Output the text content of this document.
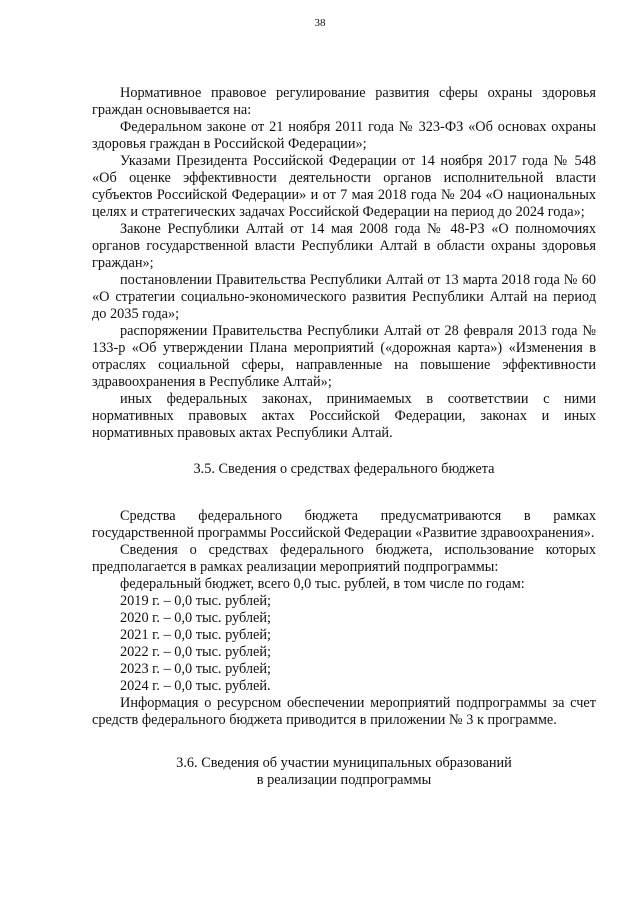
38

Нормативное правовое регулирование развития сферы охраны здоровья граждан основывается на:

Федеральном законе от 21 ноября 2011 года № 323-ФЗ «Об основах охраны здоровья граждан в Российской Федерации»;

Указами Президента Российской Федерации от 14 ноября 2017 года № 548 «Об оценке эффективности деятельности органов исполнительной власти субъектов Российской Федерации» и от 7 мая 2018 года № 204 «О национальных целях и стратегических задачах Российской Федерации на период до 2024 года»;

Законе Республики Алтай от 14 мая 2008 года № 48-РЗ «О полномочиях органов государственной власти Республики Алтай в области охраны здоровья граждан»;

постановлении Правительства Республики Алтай от 13 марта 2018 года № 60 «О стратегии социально-экономического развития Республики Алтай на период до 2035 года»;

распоряжении Правительства Республики Алтай от 28 февраля 2013 года № 133-р «Об утверждении Плана мероприятий («дорожная карта») «Изменения в отраслях социальной сферы, направленные на повышение эффективности здравоохранения в Республике Алтай»;

иных федеральных законах, принимаемых в соответствии с ними нормативных правовых актах Российской Федерации, законах и иных нормативных правовых актах Республики Алтай.

3.5. Сведения о средствах федерального бюджета

Средства федерального бюджета предусматриваются в рамках государственной программы Российской Федерации «Развитие здравоохранения».

Сведения о средствах федерального бюджета, использование которых предполагается в рамках реализации мероприятий подпрограммы:

федеральный бюджет, всего 0,0 тыс. рублей, в том числе по годам:

2019 г. – 0,0 тыс. рублей;

2020 г. – 0,0 тыс. рублей;

2021 г. – 0,0 тыс. рублей;

2022 г. – 0,0 тыс. рублей;

2023 г. – 0,0 тыс. рублей;

2024 г. – 0,0 тыс. рублей.

Информация о ресурсном обеспечении мероприятий подпрограммы за счет средств федерального бюджета приводится в приложении № 3 к программе.

3.6. Сведения об участии муниципальных образований
в реализации подпрограммы
